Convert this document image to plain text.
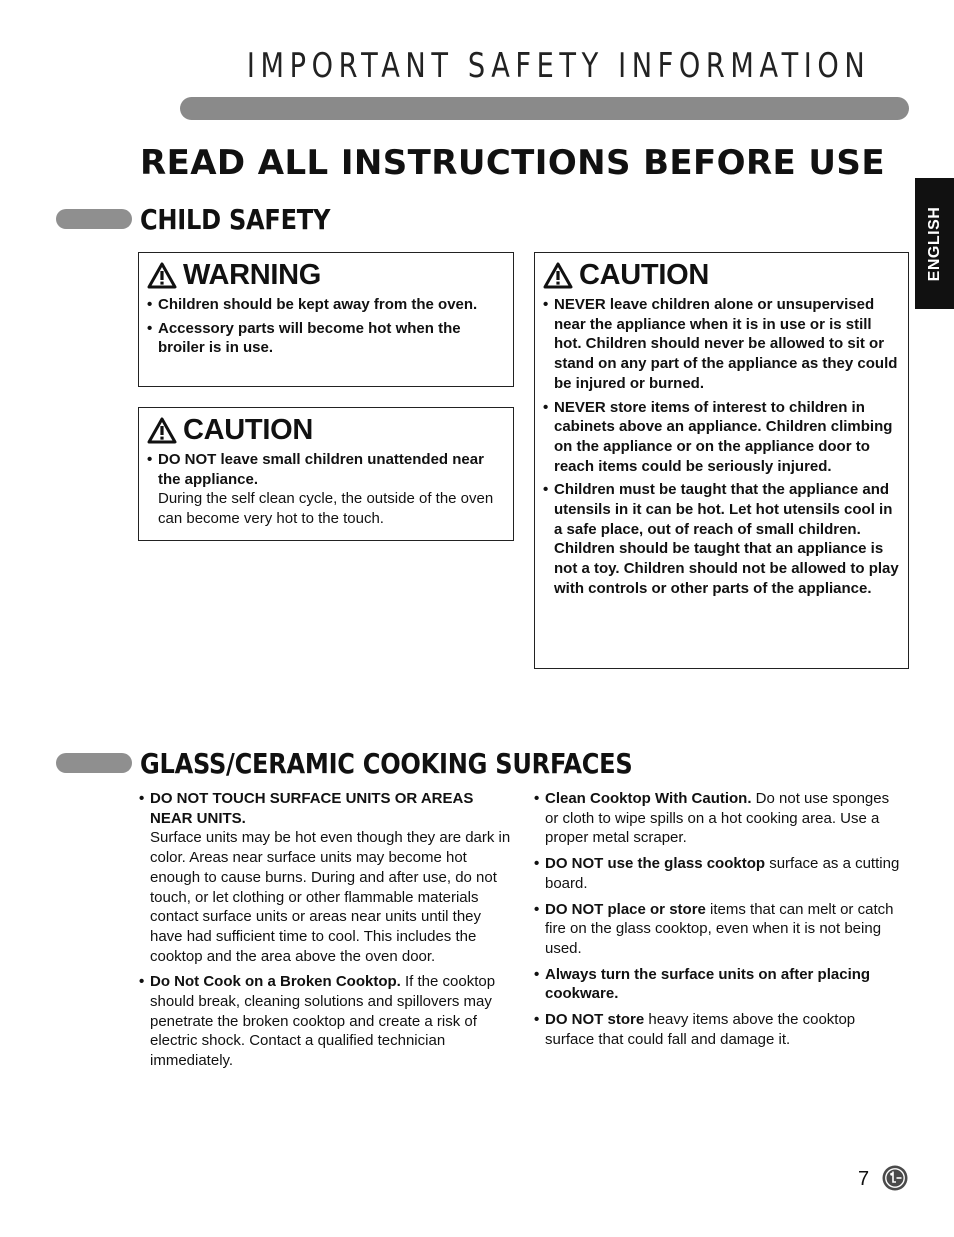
IMPORTANT SAFETY INFORMATION
READ ALL INSTRUCTIONS BEFORE USE
ENGLISH
CHILD SAFETY
WARNING
• Children should be kept away from the oven.
• Accessory parts will become hot when the broiler is in use.
CAUTION
• DO NOT leave small children unattended near the appliance.
During the self clean cycle, the outside of the oven can become very hot to the touch.
CAUTION
• NEVER leave children alone or unsupervised near the appliance when it is in use or is still hot. Children should never be allowed to sit or stand on any part of the appliance as they could be injured or burned.
• NEVER store items of interest to children in cabinets above an appliance. Children climbing on the appliance or on the appliance door to reach items could be seriously injured.
• Children must be taught that the appliance and utensils in it can be hot. Let hot utensils cool in a safe place, out of reach of small children. Children should be taught that an appliance is not a toy. Children should not be allowed to play with controls or other parts of the appliance.
GLASS/CERAMIC COOKING SURFACES
• DO NOT TOUCH SURFACE UNITS OR AREAS NEAR UNITS.
Surface units may be hot even though they are dark in color. Areas near surface units may become hot enough to cause burns. During and after use, do not touch, or let clothing or other flammable materials contact surface units or areas near units until they have had sufficient time to cool. This includes the cooktop and the area above the oven door.
• Do Not Cook on a Broken Cooktop. If the cooktop should break, cleaning solutions and spillovers may penetrate the broken cooktop and create a risk of electric shock. Contact a qualified technician immediately.
• Clean Cooktop With Caution. Do not use sponges or cloth to wipe spills on a hot cooking area. Use a proper metal scraper.
• DO NOT use the glass cooktop surface as a cutting board.
• DO NOT place or store items that can melt or catch fire on the glass cooktop, even when it is not being used.
• Always turn the surface units on after placing cookware.
• DO NOT store heavy items above the cooktop surface that could fall and damage it.
7
